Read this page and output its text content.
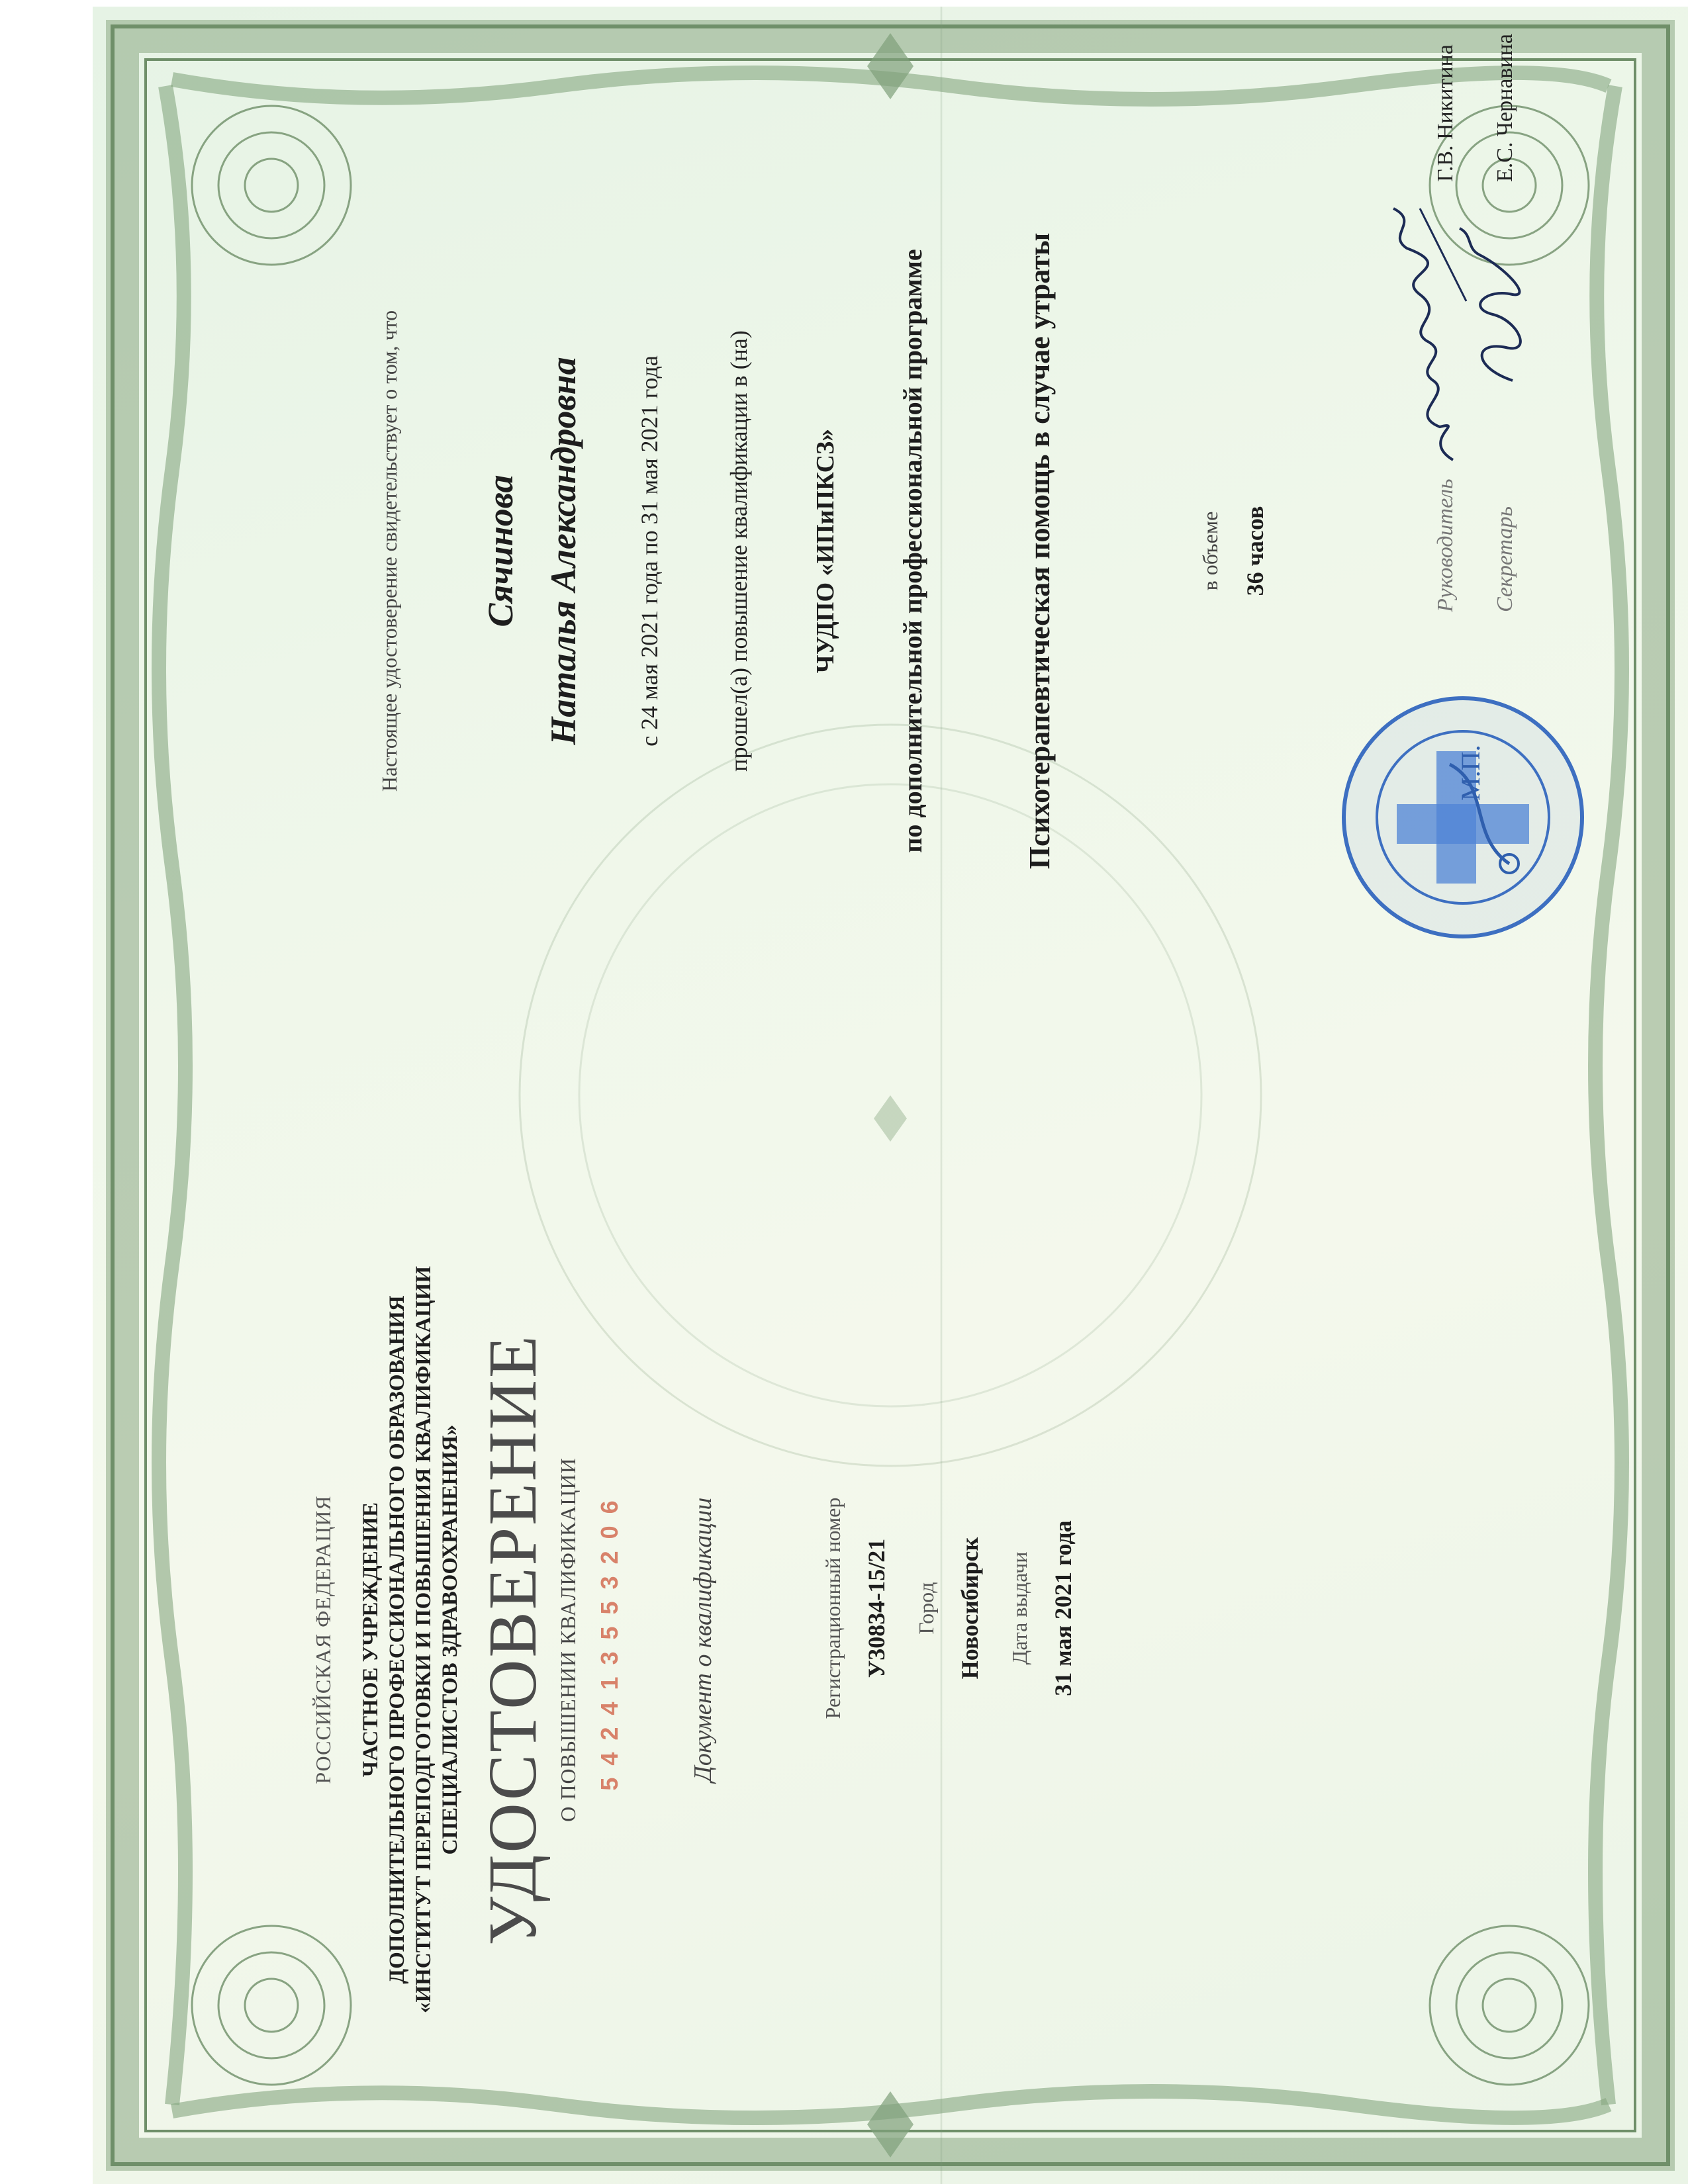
РОССИЙСКАЯ ФЕДЕРАЦИЯ ЧАСТНОЕ УЧРЕЖДЕНИЕ ДОПОЛНИТЕЛЬНОГО ПРОФЕССИОНАЛЬНОГО ОБРАЗОВАНИЯ «ИНСТИТУТ ПЕРЕПОДГОТОВКИ И ПОВЫШЕНИЯ КВАЛИФИКАЦИИ СПЕЦИАЛИСТОВ ЗДРАВООХРАНЕНИЯ» УДОСТОВЕРЕНИЕ О ПОВЫШЕНИИ КВАЛИФИКАЦИИ 542413553206	Документ о квалификации	Регистрационный номер У30834-15/21 Город Новосибирск Дата выдачи 31 мая 2021 года
Настоящее удостоверение свидетельствует о том, что Сячинова Наталья Александровна с 24 мая 2021 года по 31 мая 2021 года	прошел(а) повышение квалификации в (на) ЧУДПО «ИПиПКСЗ» по дополнительной профессиональной программе	Психотерапевтическая помощь в случае утраты	в объеме 36 часов	Руководитель
Г.В. Никитина
Секретарь
Е.С. Чернавина
М.П.
